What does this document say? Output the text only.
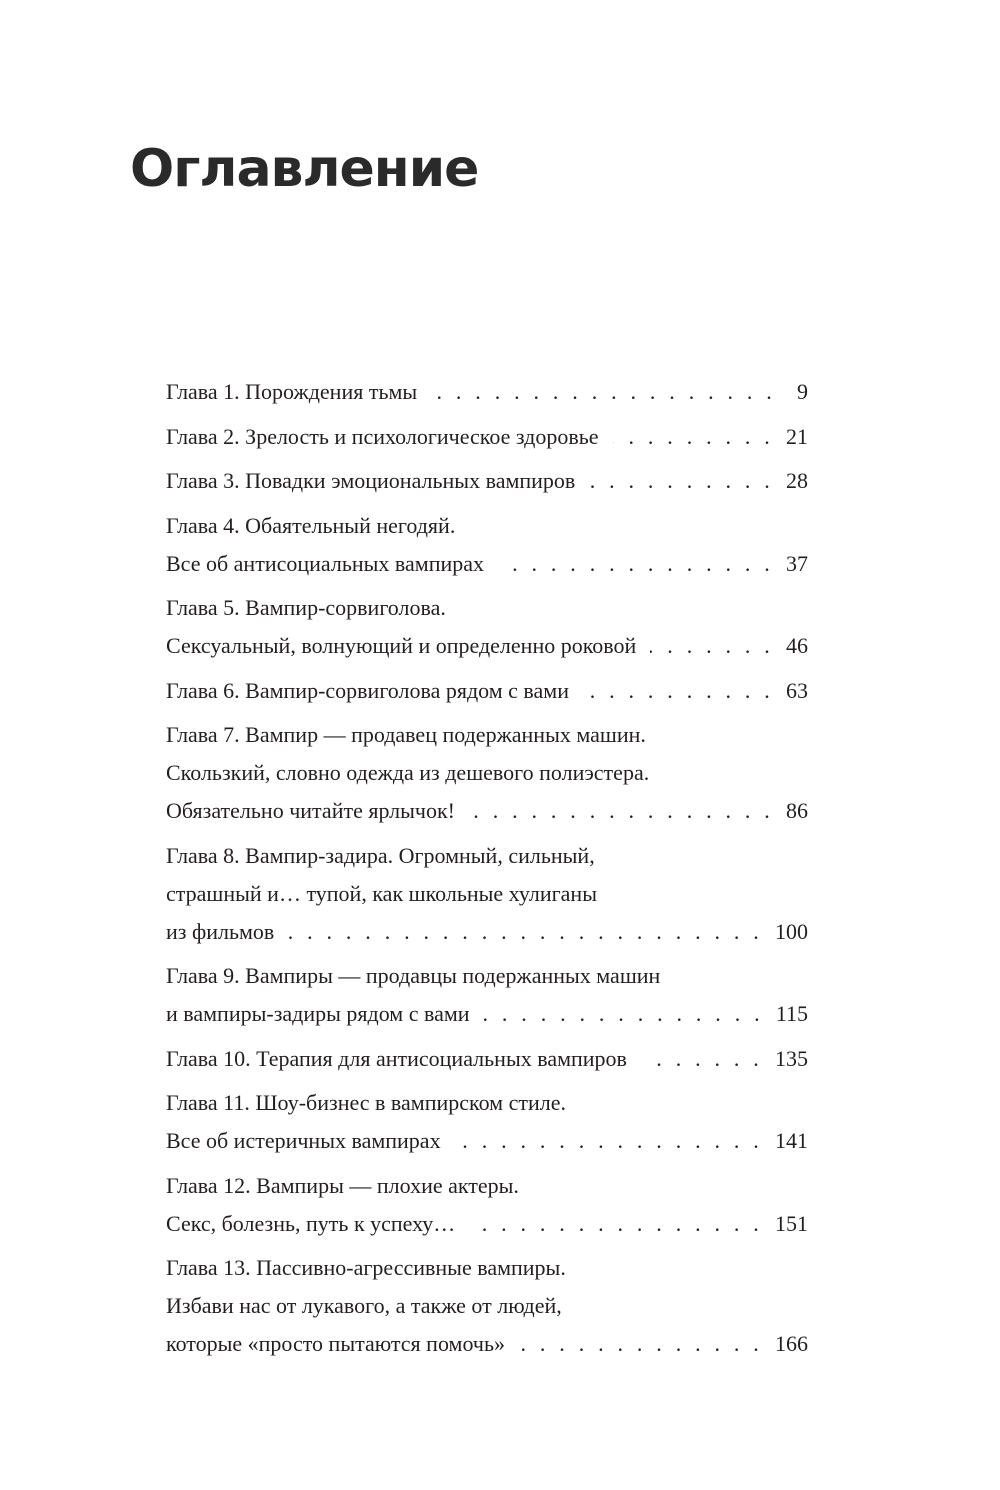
Оглавление
Глава 1. Порождения тьмы . . .	9
Глава 2. Зрелость и психологическое здоровье . . .	21
Глава 3. Повадки эмоциональных вампиров . . .	28
Глава 4. Обаятельный негодяй.
Все об антисоциальных вампирах . . .	37
Глава 5. Вампир-сорвиголова.
Сексуальный, волнующий и определенно роковой . . .	46
Глава 6. Вампир-сорвиголова рядом с вами . . .	63
Глава 7. Вампир — продавец подержанных машин.
Скользкий, словно одежда из дешевого полиэстера.
Обязательно читайте ярлычок! . . .	86
Глава 8. Вампир-задира. Огромный, сильный,
страшный и… тупой, как школьные хулиганы
из фильмов . . .	100
Глава 9. Вампиры — продавцы подержанных машин
и вампиры-задиры рядом с вами . . .	115
Глава 10. Терапия для антисоциальных вампиров . . .	135
Глава 11. Шоу-бизнес в вампирском стиле.
Все об истеричных вампирах . . .	141
Глава 12. Вампиры — плохие актеры.
Секс, болезнь, путь к успеху… . . .	151
Глава 13. Пассивно-агрессивные вампиры.
Избави нас от лукавого, а также от людей,
которые «просто пытаются помочь» . . .	166
